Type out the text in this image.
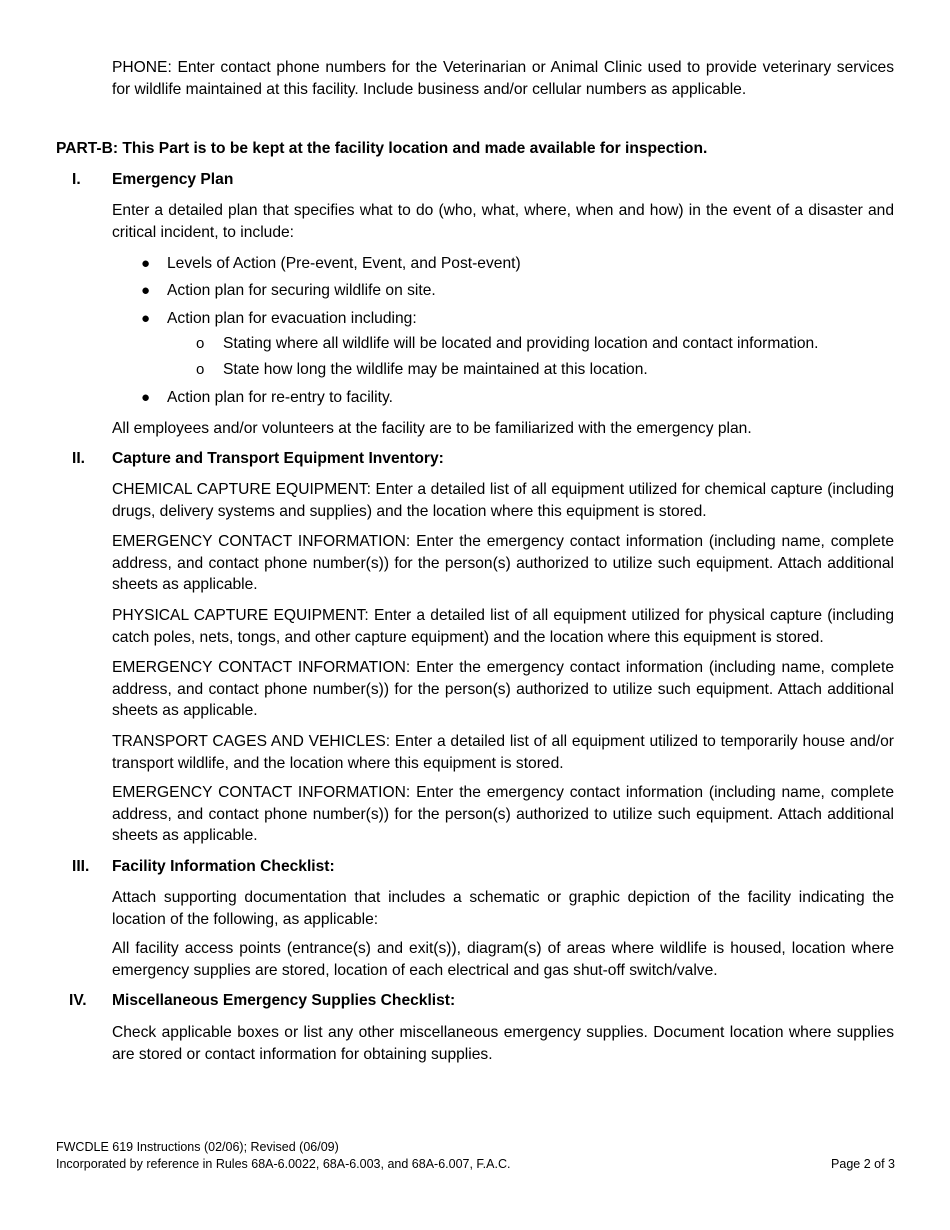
PHONE: Enter contact phone numbers for the Veterinarian or Animal Clinic used to provide veterinary services for wildlife maintained at this facility. Include business and/or cellular numbers as applicable.
PART-B: This Part is to be kept at the facility location and made available for inspection.
I. Emergency Plan
Enter a detailed plan that specifies what to do (who, what, where, when and how) in the event of a disaster and critical incident, to include:
● Levels of Action (Pre-event, Event, and Post-event)
● Action plan for securing wildlife on site.
● Action plan for evacuation including:
o Stating where all wildlife will be located and providing location and contact information.
o State how long the wildlife may be maintained at this location.
● Action plan for re-entry to facility.
All employees and/or volunteers at the facility are to be familiarized with the emergency plan.
II. Capture and Transport Equipment Inventory:
CHEMICAL CAPTURE EQUIPMENT: Enter a detailed list of all equipment utilized for chemical capture (including drugs, delivery systems and supplies) and the location where this equipment is stored.
EMERGENCY CONTACT INFORMATION: Enter the emergency contact information (including name, complete address, and contact phone number(s)) for the person(s) authorized to utilize such equipment. Attach additional sheets as applicable.
PHYSICAL CAPTURE EQUIPMENT: Enter a detailed list of all equipment utilized for physical capture (including catch poles, nets, tongs, and other capture equipment) and the location where this equipment is stored.
EMERGENCY CONTACT INFORMATION: Enter the emergency contact information (including name, complete address, and contact phone number(s)) for the person(s) authorized to utilize such equipment. Attach additional sheets as applicable.
TRANSPORT CAGES AND VEHICLES: Enter a detailed list of all equipment utilized to temporarily house and/or transport wildlife, and the location where this equipment is stored.
EMERGENCY CONTACT INFORMATION: Enter the emergency contact information (including name, complete address, and contact phone number(s)) for the person(s) authorized to utilize such equipment. Attach additional sheets as applicable.
III. Facility Information Checklist:
Attach supporting documentation that includes a schematic or graphic depiction of the facility indicating the location of the following, as applicable:
All facility access points (entrance(s) and exit(s)), diagram(s) of areas where wildlife is housed, location where emergency supplies are stored, location of each electrical and gas shut-off switch/valve.
IV. Miscellaneous Emergency Supplies Checklist:
Check applicable boxes or list any other miscellaneous emergency supplies. Document location where supplies are stored or contact information for obtaining supplies.
FWCDLE 619 Instructions (02/06); Revised (06/09)
Incorporated by reference in Rules 68A-6.0022, 68A-6.003, and 68A-6.007, F.A.C.	Page 2 of 3
